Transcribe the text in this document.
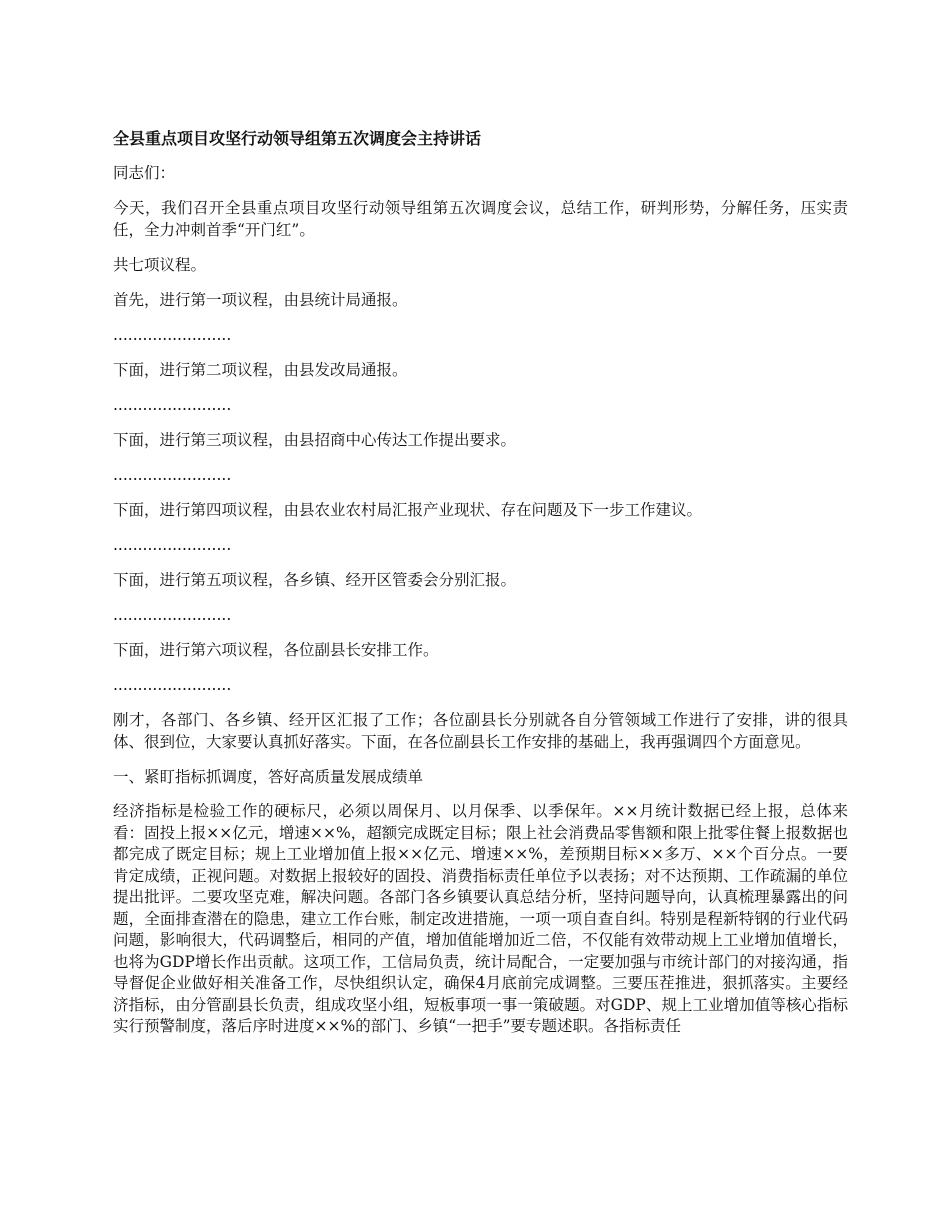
全县重点项目攻坚行动领导组第五次调度会主持讲话
同志们：
今天，我们召开全县重点项目攻坚行动领导组第五次调度会议，总结工作，研判形势，分解任务，压实责任，全力冲刺首季“开门红”。
共七项议程。
首先，进行第一项议程，由县统计局通报。
........................
下面，进行第二项议程，由县发改局通报。
........................
下面，进行第三项议程，由县招商中心传达工作提出要求。
........................
下面，进行第四项议程，由县农业农村局汇报产业现状、存在问题及下一步工作建议。
........................
下面，进行第五项议程，各乡镇、经开区管委会分别汇报。
........................
下面，进行第六项议程，各位副县长安排工作。
........................
刚才，各部门、各乡镇、经开区汇报了工作；各位副县长分别就各自分管领域工作进行了安排，讲的很具体、很到位，大家要认真抓好落实。下面，在各位副县长工作安排的基础上，我再强调四个方面意见。
一、紧盯指标抓调度，答好高质量发展成绩单
经济指标是检验工作的硬标尺，必须以周保月、以月保季、以季保年。××月统计数据已经上报，总体来看：固投上报××亿元，增速××%，超额完成既定目标；限上社会消费品零售额和限上批零住餐上报数据也都完成了既定目标；规上工业增加值上报××亿元、增速××%，差预期目标××多万、××个百分点。一要肯定成绩，正视问题。对数据上报较好的固投、消费指标责任单位予以表扬；对不达预期、工作疏漏的单位提出批评。二要攻坚克难，解决问题。各部门各乡镇要认真总结分析，坚持问题导向，认真梳理暴露出的问题，全面排查潜在的隐患，建立工作台账，制定改进措施，一项一项自查自纠。特别是程新特钢的行业代码问题，影响很大，代码调整后，相同的产值，增加值能增加近二倍，不仅能有效带动规上工业增加值增长，也将为GDP增长作出贡献。这项工作，工信局负责，统计局配合，一定要加强与市统计部门的对接沟通，指导督促企业做好相关准备工作，尽快组织认定，确保4月底前完成调整。三要压茬推进，狠抓落实。主要经济指标，由分管副县长负责，组成攻坚小组，短板事项一事一策破题。对GDP、规上工业增加值等核心指标实行预警制度，落后序时进度××%的部门、乡镇“一把手”要专题述职。各指标责任
